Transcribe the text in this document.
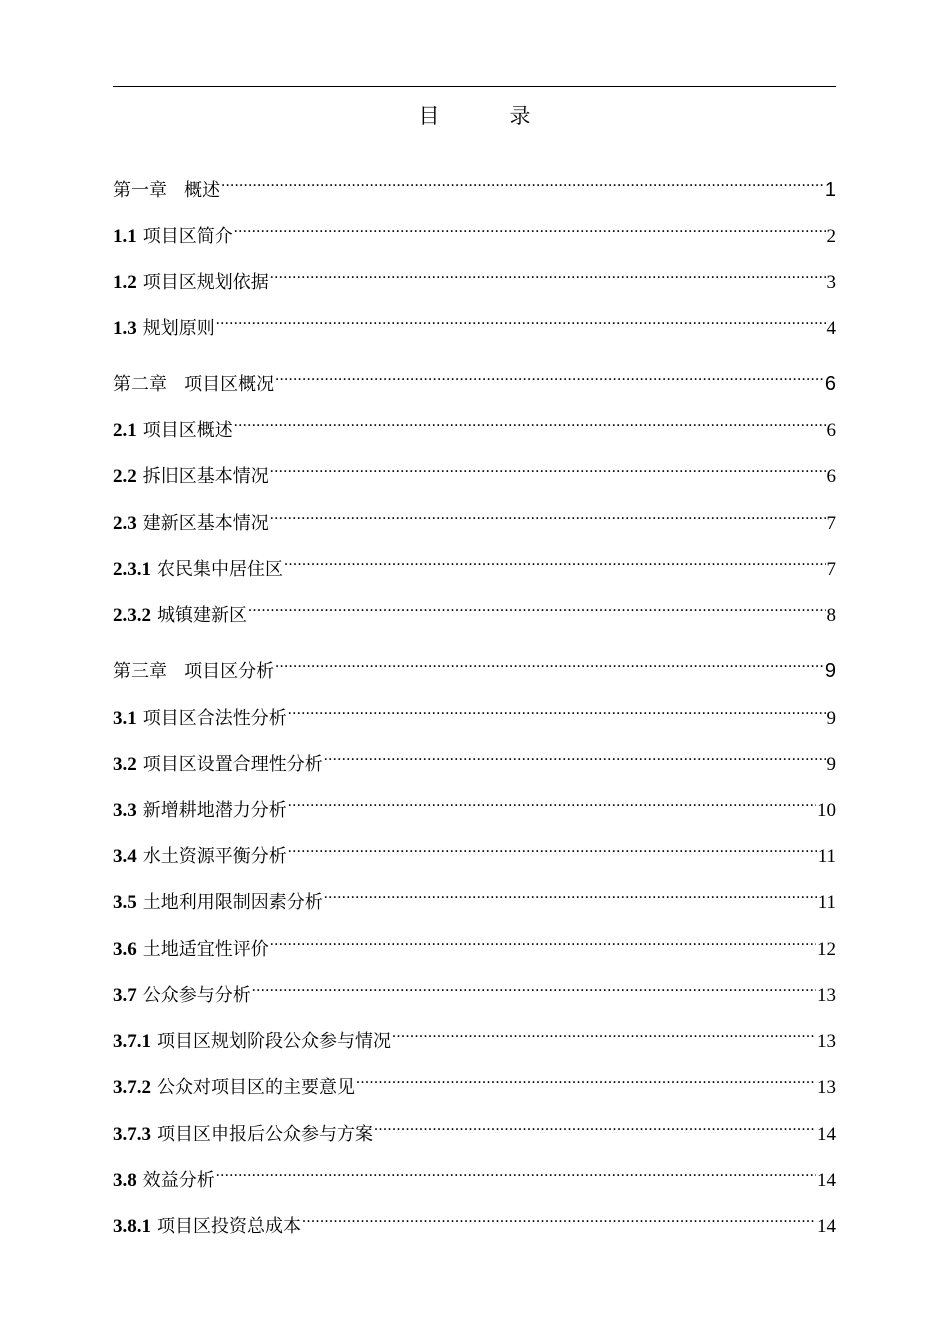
目	录
第一章   概述 .....	1
1.1 项目区简介 .....	2
1.2 项目区规划依据 .....	3
1.3 规划原则 .....	4
第二章   项目区概况 .....	6
2.1 项目区概述 .....	6
2.2 拆旧区基本情况 .....	6
2.3 建新区基本情况 .....	7
2.3.1 农民集中居住区 .....	7
2.3.2 城镇建新区 .....	8
第三章   项目区分析 .....	9
3.1 项目区合法性分析 .....	9
3.2 项目区设置合理性分析 .....	9
3.3 新增耕地潜力分析 .....	10
3.4 水土资源平衡分析 .....	11
3.5 土地利用限制因素分析 .....	11
3.6 土地适宜性评价 .....	12
3.7 公众参与分析 .....	13
3.7.1 项目区规划阶段公众参与情况 .....	13
3.7.2 公众对项目区的主要意见 .....	13
3.7.3 项目区申报后公众参与方案 .....	14
3.8 效益分析 .....	14
3.8.1 项目区投资总成本 .....	14
